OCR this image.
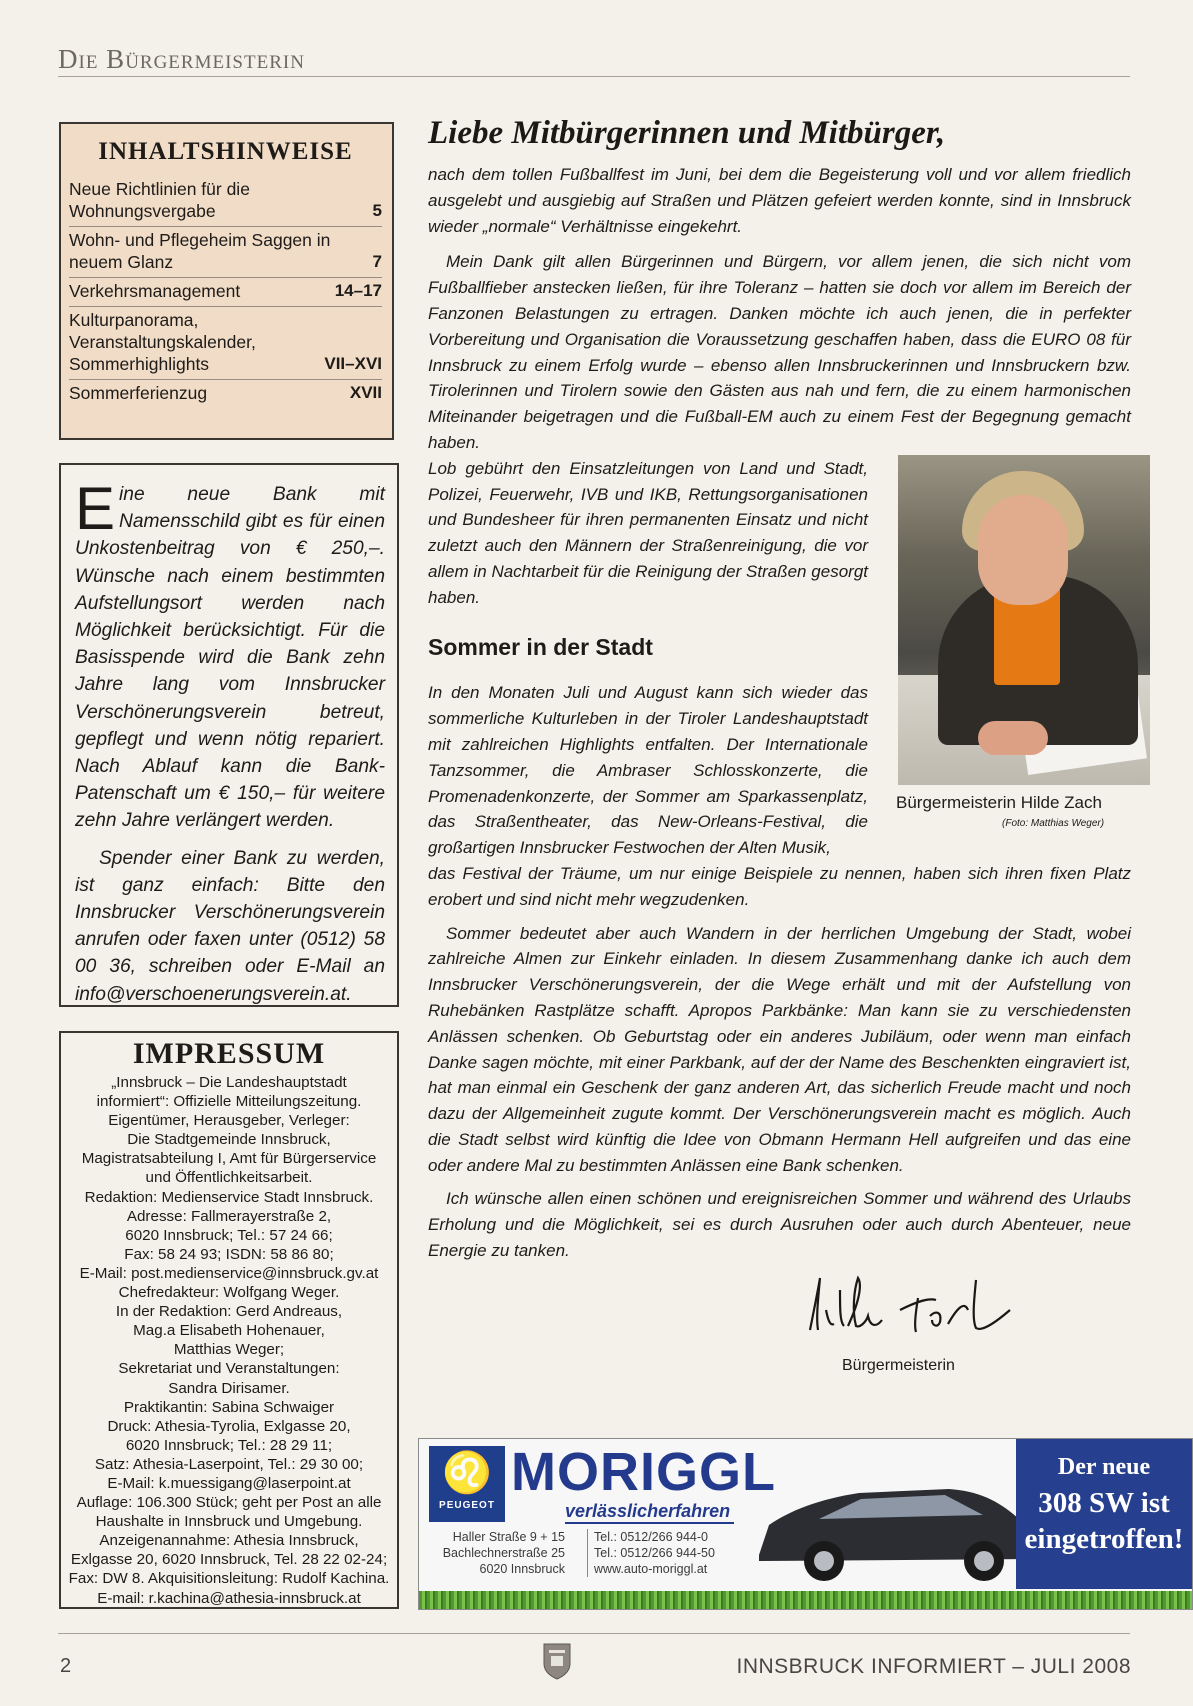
Die Bürgermeisterin
INHALTSHINWEISE
Neue Richtlinien für die Wohnungsvergabe	5
Wohn- und Pflegeheim Saggen in neuem Glanz	7
Verkehrsmanagement	14–17
Kulturpanorama, Veranstaltungskalender, Sommerhighlights	VII–XVI
Sommerferienzug	XVII

Eine neue Bank mit Namensschild gibt es für einen Unkostenbeitrag von € 250,–. Wünsche nach einem bestimmten Aufstellungsort werden nach Möglichkeit berücksichtigt. Für die Basisspende wird die Bank zehn Jahre lang vom Innsbrucker Verschönerungsverein betreut, gepflegt und wenn nötig repariert. Nach Ablauf kann die Bank-Patenschaft um € 150,– für weitere zehn Jahre verlängert werden.

Spender einer Bank zu werden, ist ganz einfach: Bitte den Innsbrucker Verschönerungsverein anrufen oder faxen unter (0512) 58 00 36, schreiben oder E-Mail an info@verschoenerungsverein.at.

IMPRESSUM
„Innsbruck – Die Landeshauptstadt
informiert“: Offizielle Mitteilungszeitung.
Eigentümer, Herausgeber, Verleger:
Die Stadtgemeinde Innsbruck,
Magistratsabteilung I, Amt für Bürgerservice
und Öffentlichkeitsarbeit.
Redaktion: Medienservice Stadt Innsbruck.
Adresse: Fallmerayerstraße 2,
6020 Innsbruck; Tel.: 57 24 66;
Fax: 58 24 93; ISDN: 58 86 80;
E-Mail: post.medienservice@innsbruck.gv.at
Chefredakteur: Wolfgang Weger.
In der Redaktion: Gerd Andreaus,
Mag.a Elisabeth Hohenauer,
Matthias Weger;
Sekretariat und Veranstaltungen:
Sandra Dirisamer.
Praktikantin: Sabina Schwaiger
Druck: Athesia-Tyrolia, Exlgasse 20,
6020 Innsbruck; Tel.: 28 29 11;
Satz: Athesia-Laserpoint, Tel.: 29 30 00;
E-Mail: k.muessigang@laserpoint.at
Auflage: 106.300 Stück; geht per Post an alle
Haushalte in Innsbruck und Umgebung.
Anzeigenannahme: Athesia Innsbruck,
Exlgasse 20, 6020 Innsbruck, Tel. 28 22 02-24;
Fax: DW 8. Akquisitionsleitung: Rudolf Kachina.
E-mail: r.kachina@athesia-innsbruck.at
Liebe Mitbürgerinnen und Mitbürger,

nach dem tollen Fußballfest im Juni, bei dem die Begeisterung voll und vor allem friedlich ausgelebt und ausgiebig auf Straßen und Plätzen gefeiert werden konnte, sind in Innsbruck wieder „normale“ Verhältnisse eingekehrt.

Mein Dank gilt allen Bürgerinnen und Bürgern, vor allem jenen, die sich nicht vom Fußballfieber anstecken ließen, für ihre Toleranz – hatten sie doch vor allem im Bereich der Fanzonen Belastungen zu ertragen. Danken möchte ich auch jenen, die in perfekter Vorbereitung und Organisation die Voraussetzung geschaffen haben, dass die EURO 08 für Innsbruck zu einem Erfolg wurde – ebenso allen Innsbruckerinnen und Innsbruckern bzw. Tirolerinnen und Tirolern sowie den Gästen aus nah und fern, die zu einem harmonischen Miteinander beigetragen und die Fußball-EM auch zu einem Fest der Begegnung gemacht haben.

Lob gebührt den Einsatzleitungen von Land und Stadt, Polizei, Feuerwehr, IVB und IKB, Rettungsorganisationen und Bundesheer für ihren permanenten Einsatz und nicht zuletzt auch den Männern der Straßenreinigung, die vor allem in Nachtarbeit für die Reinigung der Straßen gesorgt haben.

Sommer in der Stadt

In den Monaten Juli und August kann sich wieder das sommerliche Kulturleben in der Tiroler Landeshauptstadt mit zahlreichen Highlights entfalten. Der Internationale Tanzsommer, die Ambraser Schlosskonzerte, die Promenadenkonzerte, der Sommer am Sparkassenplatz, das Straßentheater, das New-Orleans-Festival, die großartigen Innsbrucker Festwochen der Alten Musik,

das Festival der Träume, um nur einige Beispiele zu nennen, haben sich ihren fixen Platz erobert und sind nicht mehr wegzudenken.

Sommer bedeutet aber auch Wandern in der herrlichen Umgebung der Stadt, wobei zahlreiche Almen zur Einkehr einladen. In diesem Zusammenhang danke ich auch dem Innsbrucker Verschönerungsverein, der die Wege erhält und mit der Aufstellung von Ruhebänken Rastplätze schafft. Apropos Parkbänke: Man kann sie zu verschiedensten Anlässen schenken. Ob Geburtstag oder ein anderes Jubiläum, oder wenn man einfach Danke sagen möchte, mit einer Parkbank, auf der der Name des Beschenkten eingraviert ist, hat man einmal ein Geschenk der ganz anderen Art, das sicherlich Freude macht und noch dazu der Allgemeinheit zugute kommt. Der Verschönerungsverein macht es möglich. Auch die Stadt selbst wird künftig die Idee von Obmann Hermann Hell aufgreifen und das eine oder andere Mal zu bestimmten Anlässen eine Bank schenken.

Ich wünsche allen einen schönen und ereignisreichen Sommer und während des Urlaubs Erholung und die Möglichkeit, sei es durch Ausruhen oder auch durch Abenteuer, neue Energie zu tanken.

Bürgermeisterin Hilde Zach
(Foto: Matthias Weger)
Bürgermeisterin
♌
PEUGEOT
MORIGGL
verlässlicherfahren
Haller Straße 9 + 15
Bachlechnerstraße 25
6020 Innsbruck
Tel.: 0512/266 944-0
Tel.: 0512/266 944-50
www.auto-moriggl.at
Der neue
308 SW ist
eingetroffen!
2	INNSBRUCK INFORMIERT – JULI 2008
